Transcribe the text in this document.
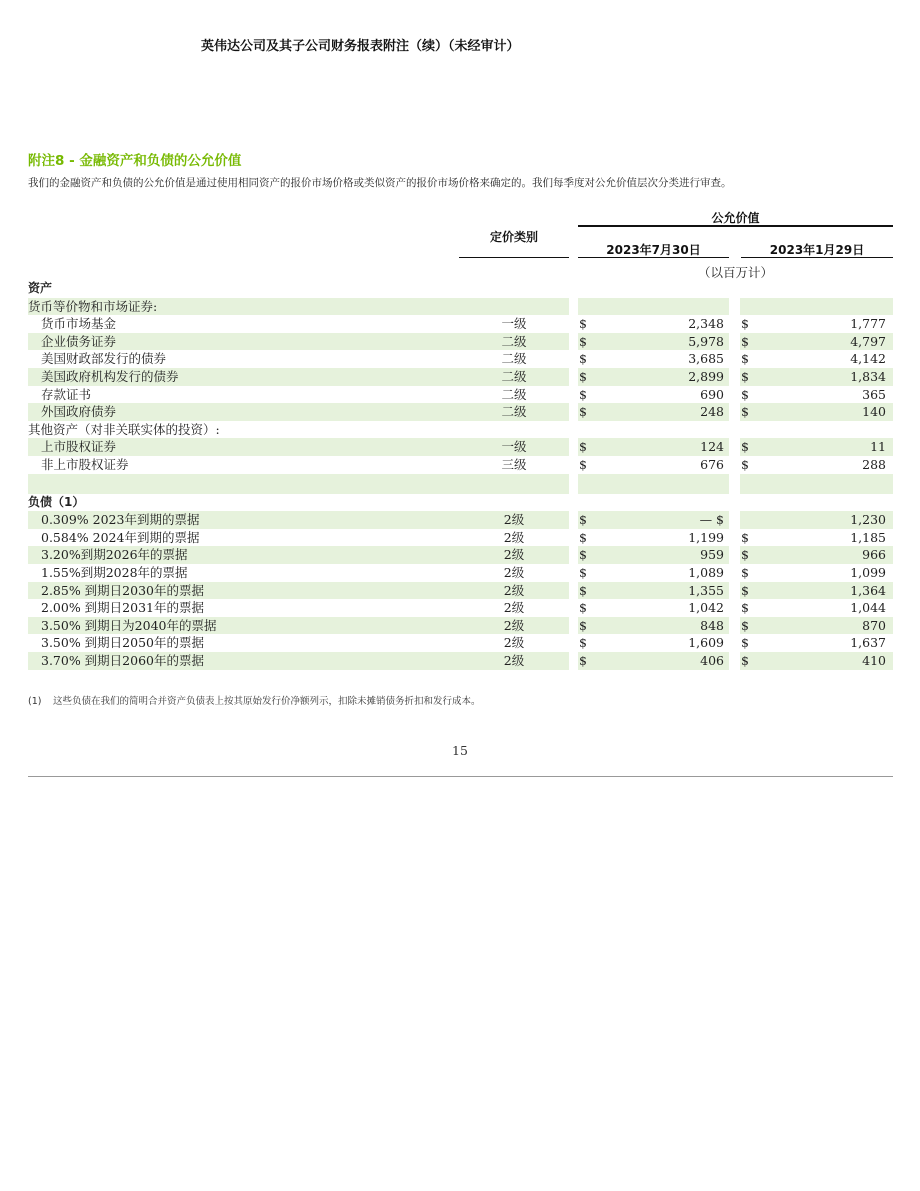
英伟达公司及其子公司财务报表附注（续）（未经审计）
附注8 - 金融资产和负债的公允价值
我们的金融资产和负债的公允价值是通过使用相同资产的报价市场价格或类似资产的报价市场价格来确定的。我们每季度对公允价值层次分类进行审查。
定价类别
公允价值
2023年7月30日	2023年1月29日
（以百万计）
资产
货币等价物和市场证券:
货币市场基金	一级	$	2,348 $	1,777
企业债务证券	二级	$	5,978 $	4,797
美国财政部发行的债券	二级	$	3,685 $	4,142
美国政府机构发行的债券	二级	$	2,899 $	1,834
存款证书	二级	$	690 $	365
外国政府债券	二级	$	248 $	140
其他资产（对非关联实体的投资）:
上市股权证券	一级	$	124 $	11
非上市股权证券	三级	$	676 $	288
负债（1）
0.309% 2023年到期的票据	2级	$	— $	1,230
0.584% 2024年到期的票据	2级	$	1,199 $	1,185
3.20%到期2026年的票据	2级	$	959 $	966
1.55%到期2028年的票据	2级	$	1,089 $	1,099
2.85% 到期日2030年的票据	2级	$	1,355 $	1,364
2.00% 到期日2031年的票据	2级	$	1,042 $	1,044
3.50% 到期日为2040年的票据	2级	$	848 $	870
3.50% 到期日2050年的票据	2级	$	1,609 $	1,637
3.70% 到期日2060年的票据	2级	$	406 $	410
(1) 这些负债在我们的简明合并资产负债表上按其原始发行价净额列示，扣除未摊销债务折扣和发行成本。
15
